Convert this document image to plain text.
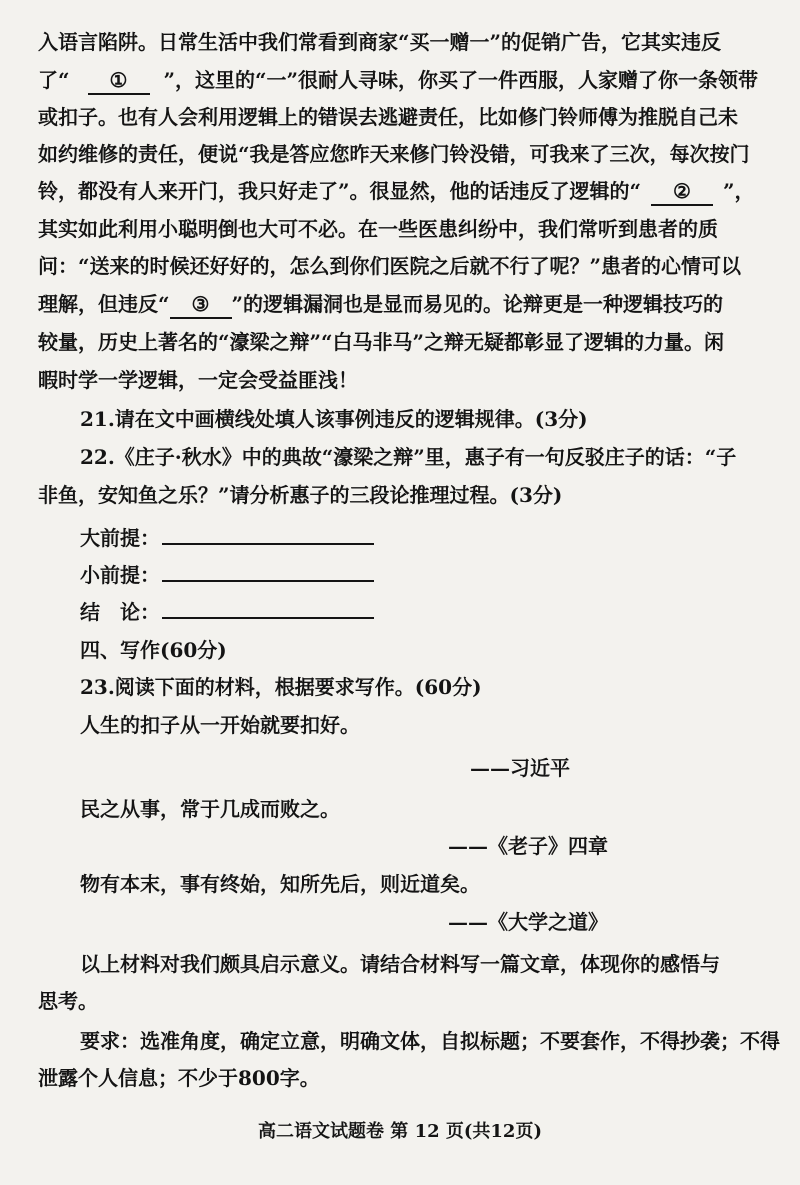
入语言陷阱。日常生活中我们常看到商家“买一赠一”的促销广告，它其实违反
了“ ① ”，这里的“一”很耐人寻味，你买了一件西服，人家赠了你一条领带
或扣子。也有人会利用逻辑上的错误去逃避责任，比如修门铃师傅为推脱自己未
如约维修的责任，便说“我是答应您昨天来修门铃没错，可我来了三次，每次按门
铃，都没有人来开门，我只好走了”。很显然，他的话违反了逻辑的“ ② ”，
其实如此利用小聪明倒也大可不必。在一些医患纠纷中，我们常听到患者的质
问：“送来的时候还好好的，怎么到你们医院之后就不行了呢？”患者的心情可以
理解，但违反“ ③ ”的逻辑漏洞也是显而易见的。论辩更是一种逻辑技巧的
较量，历史上著名的“濠梁之辩”“白马非马”之辩无疑都彰显了逻辑的力量。闲
暇时学一学逻辑，一定会受益匪浅！
21.请在文中画横线处填人该事例违反的逻辑规律。(3分)
22.《庄子·秋水》中的典故“濠梁之辩”里，惠子有一句反驳庄子的话：“子
非鱼，安知鱼之乐？”请分析惠子的三段论推理过程。(3分)
大前提：
小前提：
结　论：
四、写作(60分)
23.阅读下面的材料，根据要求写作。(60分)
人生的扣子从一开始就要扣好。
——习近平
民之从事，常于几成而败之。
——《老子》四章
物有本末，事有终始，知所先后，则近道矣。
——《大学之道》
以上材料对我们颇具启示意义。请结合材料写一篇文章，体现你的感悟与
思考。
要求：选准角度，确定立意，明确文体，自拟标题；不要套作，不得抄袭；不得
泄露个人信息；不少于800字。
高二语文试题卷 第 12 页(共12页)
